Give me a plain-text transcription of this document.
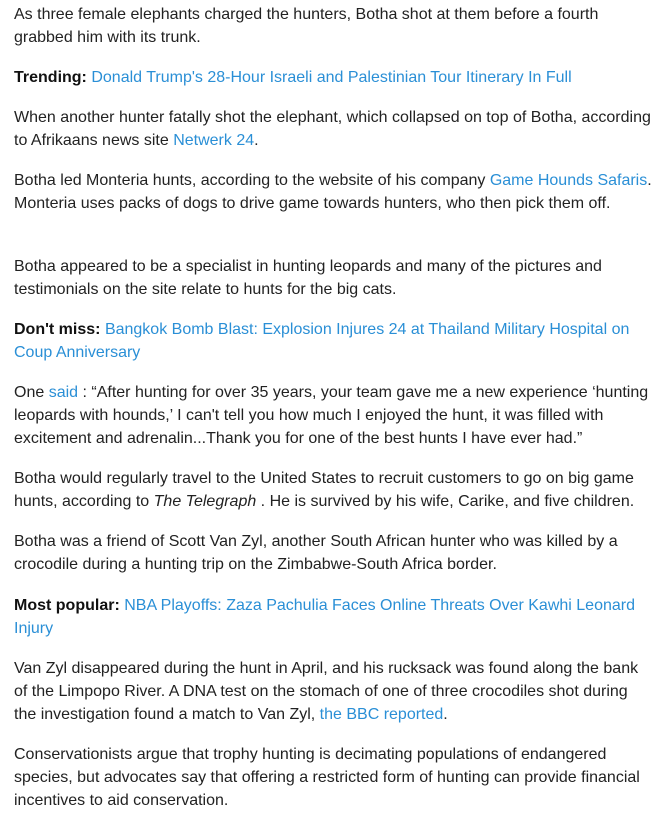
As three female elephants charged the hunters, Botha shot at them before a fourth grabbed him with its trunk.

Trending: Donald Trump's 28-Hour Israeli and Palestinian Tour Itinerary In Full

When another hunter fatally shot the elephant, which collapsed on top of Botha, according to Afrikaans news site Netwerk 24.

Botha led Monteria hunts, according to the website of his company Game Hounds Safaris. Monteria uses packs of dogs to drive game towards hunters, who then pick them off.

Botha appeared to be a specialist in hunting leopards and many of the pictures and testimonials on the site relate to hunts for the big cats.

Don't miss: Bangkok Bomb Blast: Explosion Injures 24 at Thailand Military Hospital on Coup Anniversary

One said : “After hunting for over 35 years, your team gave me a new experience ‘hunting leopards with hounds,’ I can't tell you how much I enjoyed the hunt, it was filled with excitement and adrenalin...Thank you for one of the best hunts I have ever had.”

Botha would regularly travel to the United States to recruit customers to go on big game hunts, according to The Telegraph . He is survived by his wife, Carike, and five children.

Botha was a friend of Scott Van Zyl, another South African hunter who was killed by a crocodile during a hunting trip on the Zimbabwe-South Africa border.

Most popular: NBA Playoffs: Zaza Pachulia Faces Online Threats Over Kawhi Leonard Injury

Van Zyl disappeared during the hunt in April, and his rucksack was found along the bank of the Limpopo River. A DNA test on the stomach of one of three crocodiles shot during the investigation found a match to Van Zyl, the BBC reported.

Conservationists argue that trophy hunting is decimating populations of endangered species, but advocates say that offering a restricted form of hunting can provide financial incentives to aid conservation.
